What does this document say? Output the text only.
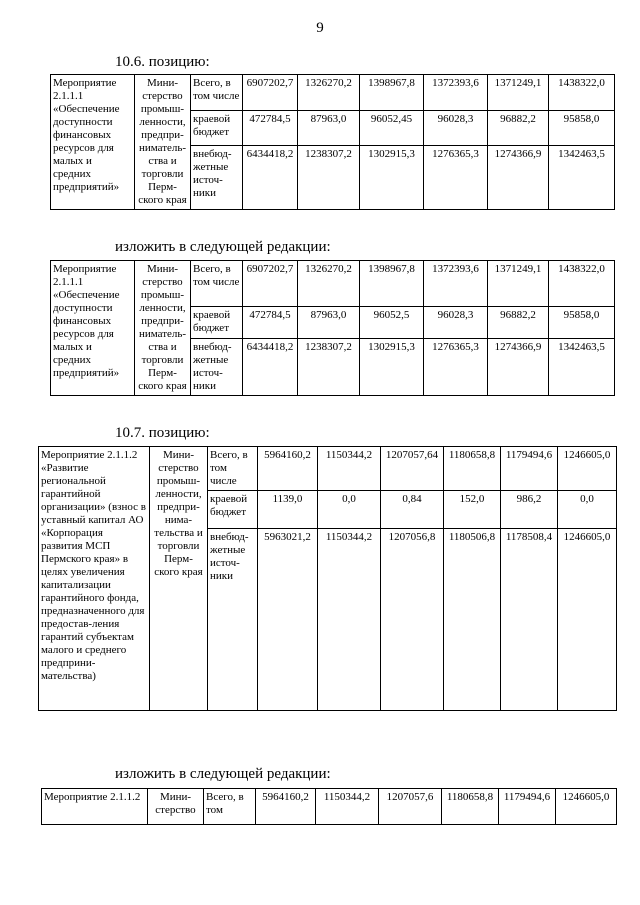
9
10.6. позицию:
Мероприятие 2.1.1.1 «Обеспечение доступности финансовых ресурсов для малых и средних предприятий»	Мини-стерство промыш-ленности, предпри-ниматель-ства и торговли Перм-ского края	Всего, в том числе	6907202,7	1326270,2	1398967,8	1372393,6	1371249,1	1438322,0
		краевой бюджет	472784,5	87963,0	96052,45	96028,3	96882,2	95858,0
		внебюд-жетные источ-ники	6434418,2	1238307,2	1302915,3	1276365,3	1274366,9	1342463,5
изложить в следующей редакции:
Мероприятие 2.1.1.1 «Обеспечение доступности финансовых ресурсов для малых и средних предприятий»	Мини-стерство промыш-ленности, предпри-ниматель-ства и торговли Перм-ского края	Всего, в том числе	6907202,7	1326270,2	1398967,8	1372393,6	1371249,1	1438322,0
		краевой бюджет	472784,5	87963,0	96052,5	96028,3	96882,2	95858,0
		внебюд-жетные источ-ники	6434418,2	1238307,2	1302915,3	1276365,3	1274366,9	1342463,5
10.7. позицию:
Мероприятие 2.1.1.2 «Развитие региональной гарантийной организации» (взнос в уставный капитал АО «Корпорация развития МСП Пермского края» в целях увеличения капитализации гарантийного фонда, предназначенного для предостав-ления гарантий субъектам малого и среднего предприни-мательства)	Мини-стерство промыш-ленности, предпри-нима-тельства и торговли Перм-ского края	Всего, в том числе	5964160,2	1150344,2	1207057,64	1180658,8	1179494,6	1246605,0
		краевой бюджет	1139,0	0,0	0,84	152,0	986,2	0,0
		внебюд-жетные источ-ники	5963021,2	1150344,2	1207056,8	1180506,8	1178508,4	1246605,0
изложить в следующей редакции:
Мероприятие 2.1.1.2	Мини-стерство	Всего, в том	5964160,2	1150344,2	1207057,6	1180658,8	1179494,6	1246605,0
